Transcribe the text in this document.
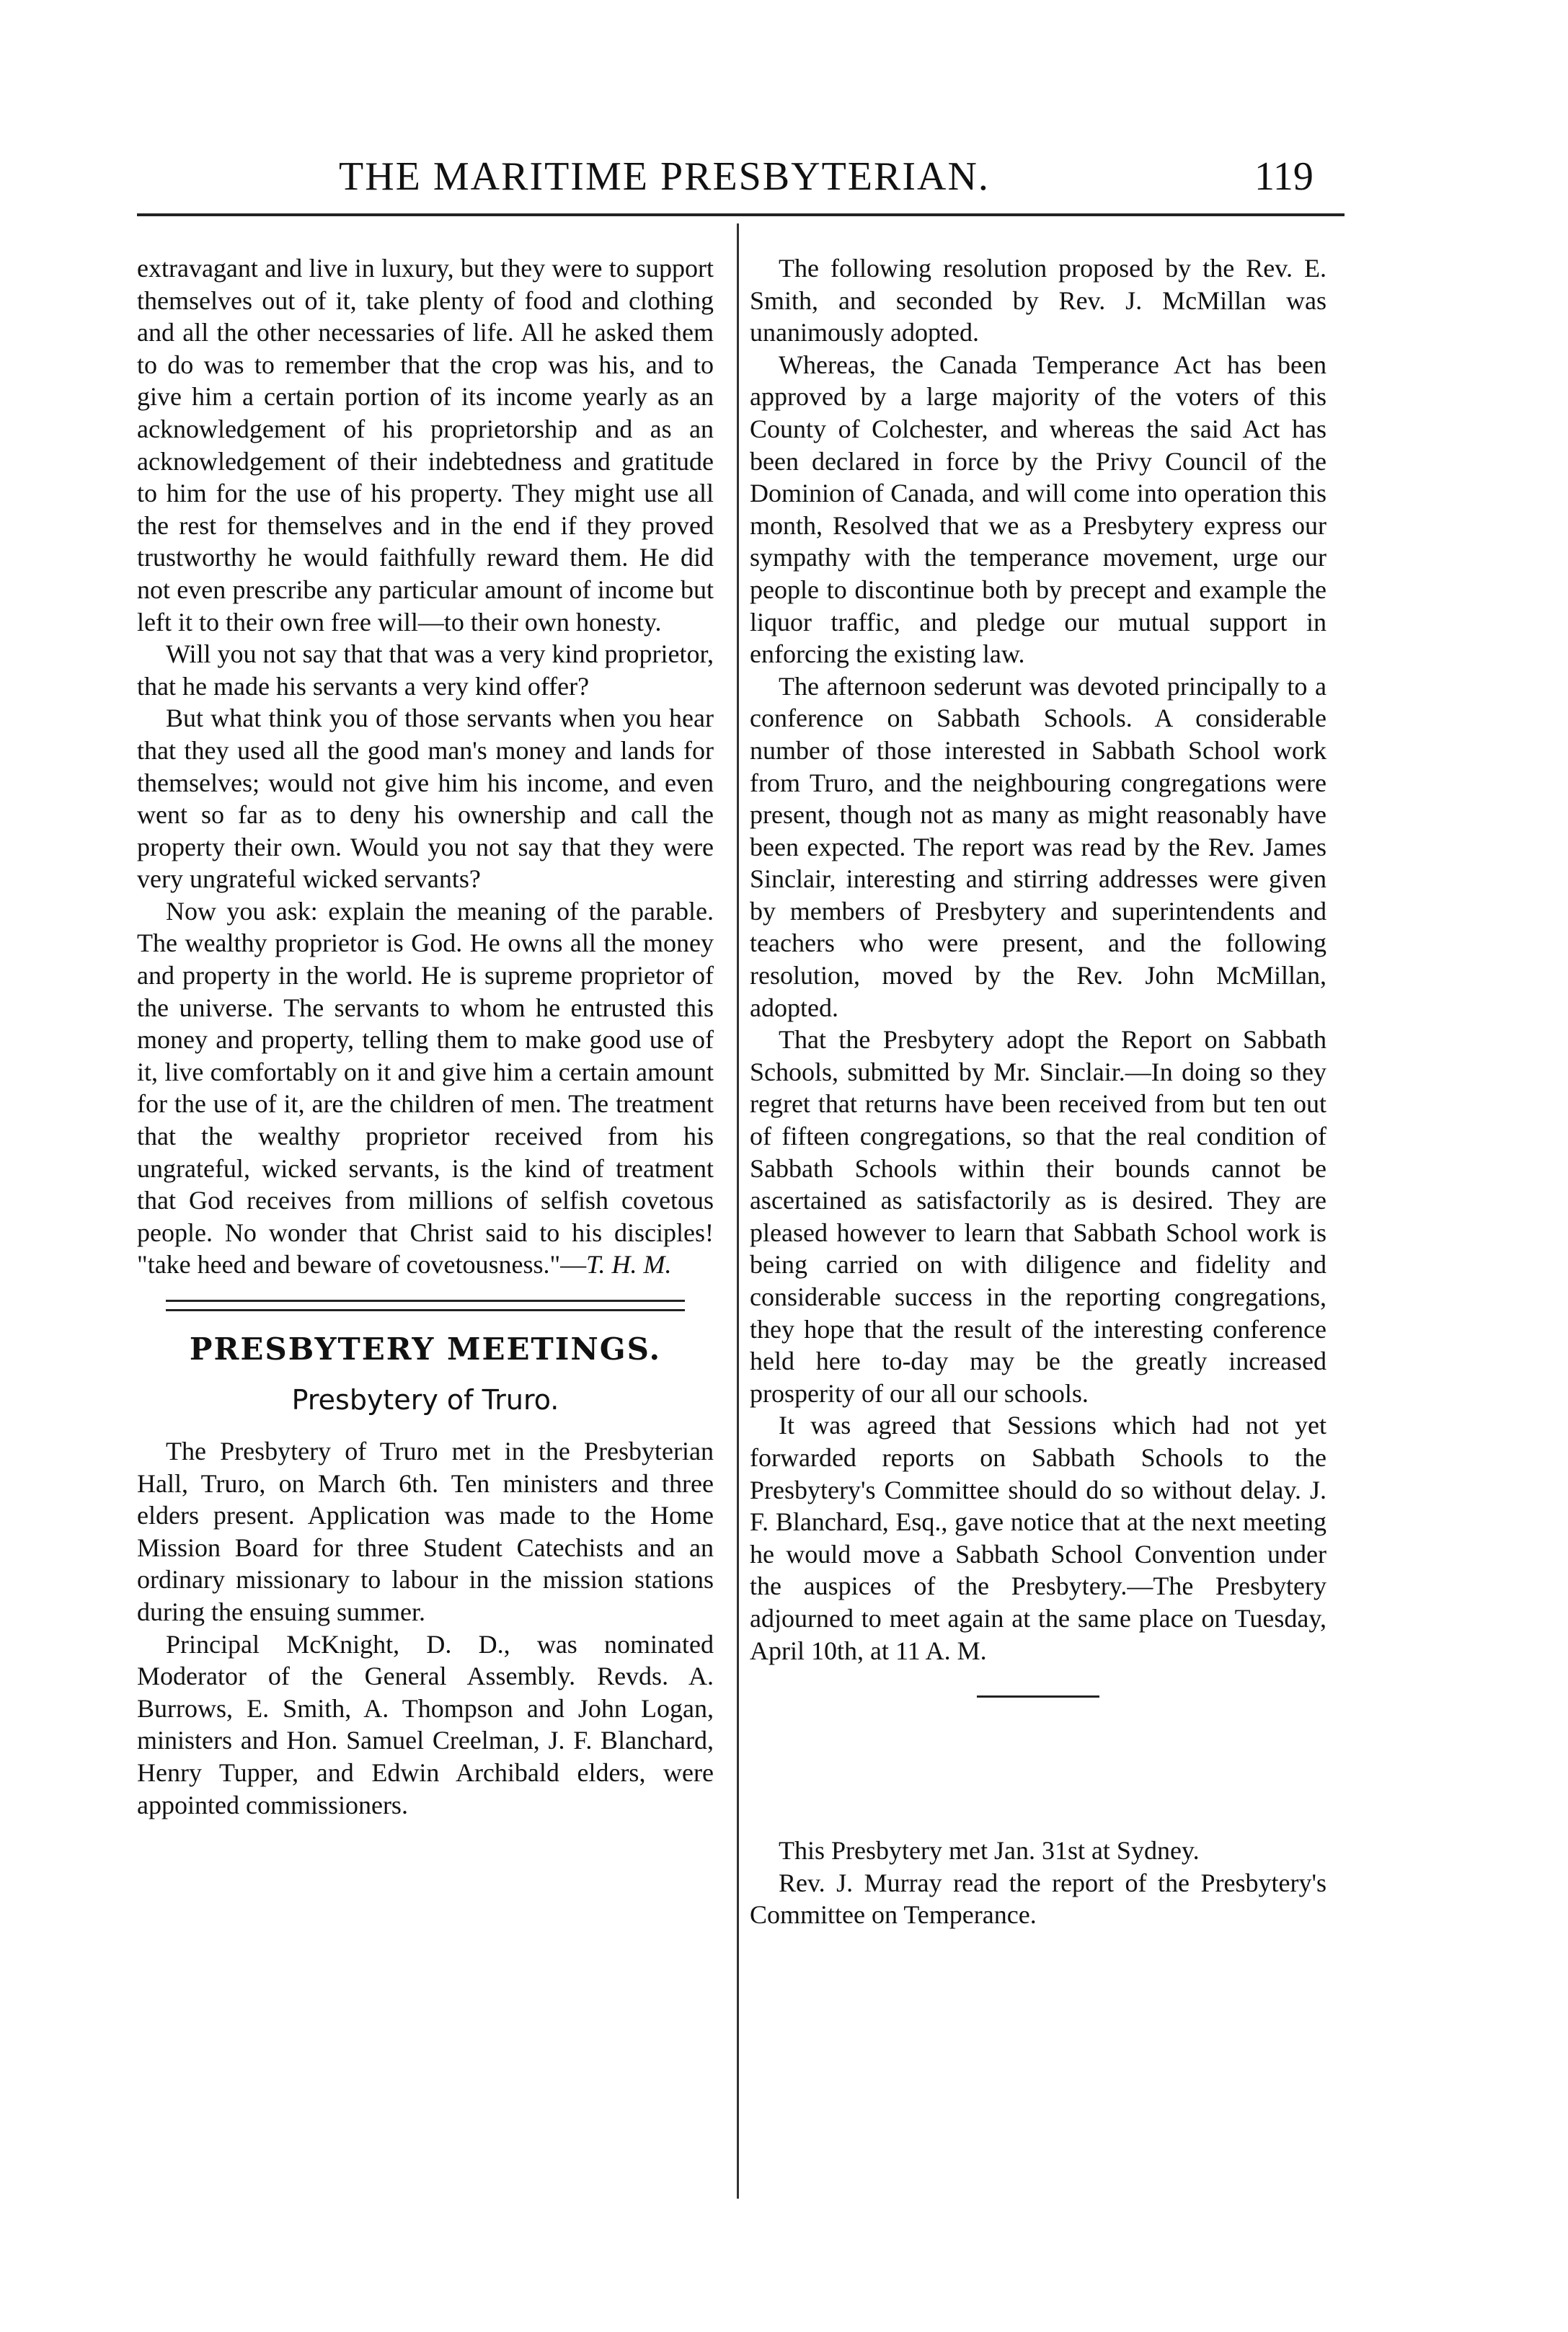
THE MARITIME PRESBYTERIAN.	119

extravagant and live in luxury, but they were to support themselves out of it, take plenty of food and clothing and all the other necessaries of life. All he asked them to do was to remember that the crop was his, and to give him a certain portion of its income yearly as an acknowledgement of his proprietorship and as an acknowledgement of their indebtedness and gratitude to him for the use of his property. They might use all the rest for themselves and in the end if they proved trustworthy he would faithfully reward them. He did not even prescribe any particular amount of income but left it to their own free will—to their own honesty.

Will you not say that that was a very kind proprietor, that he made his servants a very kind offer?

But what think you of those servants when you hear that they used all the good man's money and lands for themselves; would not give him his income, and even went so far as to deny his ownership and call the property their own. Would you not say that they were very ungrateful wicked servants?

Now you ask: explain the meaning of the parable. The wealthy proprietor is God. He owns all the money and property in the world. He is supreme proprietor of the universe. The servants to whom he entrusted this money and property, telling them to make good use of it, live comfortably on it and give him a certain amount for the use of it, are the children of men. The treatment that the wealthy proprietor received from his ungrateful, wicked servants, is the kind of treatment that God receives from millions of selfish covetous people. No wonder that Christ said to his disciples! "take heed and beware of covetousness."—T. H. M.

PRESBYTERY MEETINGS.
Presbytery of Truro.

The Presbytery of Truro met in the Presbyterian Hall, Truro, on March 6th. Ten ministers and three elders present. Application was made to the Home Mission Board for three Student Catechists and an ordinary missionary to labour in the mission stations during the ensuing summer.

Principal McKnight, D. D., was nominated Moderator of the General Assembly. Revds. A. Burrows, E. Smith, A. Thompson and John Logan, ministers and Hon. Samuel Creelman, J. F. Blanchard, Henry Tupper, and Edwin Archibald elders, were appointed commissioners.

The following resolution proposed by the Rev. E. Smith, and seconded by Rev. J. McMillan was unanimously adopted.

Whereas, the Canada Temperance Act has been approved by a large majority of the voters of this County of Colchester, and whereas the said Act has been declared in force by the Privy Council of the Dominion of Canada, and will come into operation this month, Resolved that we as a Presbytery express our sympathy with the temperance movement, urge our people to discontinue both by precept and example the liquor traffic, and pledge our mutual support in enforcing the existing law.

The afternoon sederunt was devoted principally to a conference on Sabbath Schools. A considerable number of those interested in Sabbath School work from Truro, and the neighbouring congregations were present, though not as many as might reasonably have been expected. The report was read by the Rev. James Sinclair, interesting and stirring addresses were given by members of Presbytery and superintendents and teachers who were present, and the following resolution, moved by the Rev. John McMillan, adopted.

That the Presbytery adopt the Report on Sabbath Schools, submitted by Mr. Sinclair.—In doing so they regret that returns have been received from but ten out of fifteen congregations, so that the real condition of Sabbath Schools within their bounds cannot be ascertained as satisfactorily as is desired. They are pleased however to learn that Sabbath School work is being carried on with diligence and fidelity and considerable success in the reporting congregations, they hope that the result of the interesting conference held here to-day may be the greatly increased prosperity of our all our schools.

It was agreed that Sessions which had not yet forwarded reports on Sabbath Schools to the Presbytery's Committee should do so without delay. J. F. Blanchard, Esq., gave notice that at the next meeting he would move a Sabbath School Convention under the auspices of the Presbytery.—The Presbytery adjourned to meet again at the same place on Tuesday, April 10th, at 11 A. M.

This Presbytery met Jan. 31st at Sydney.

Rev. J. Murray read the report of the Presbytery's Committee on Temperance.
